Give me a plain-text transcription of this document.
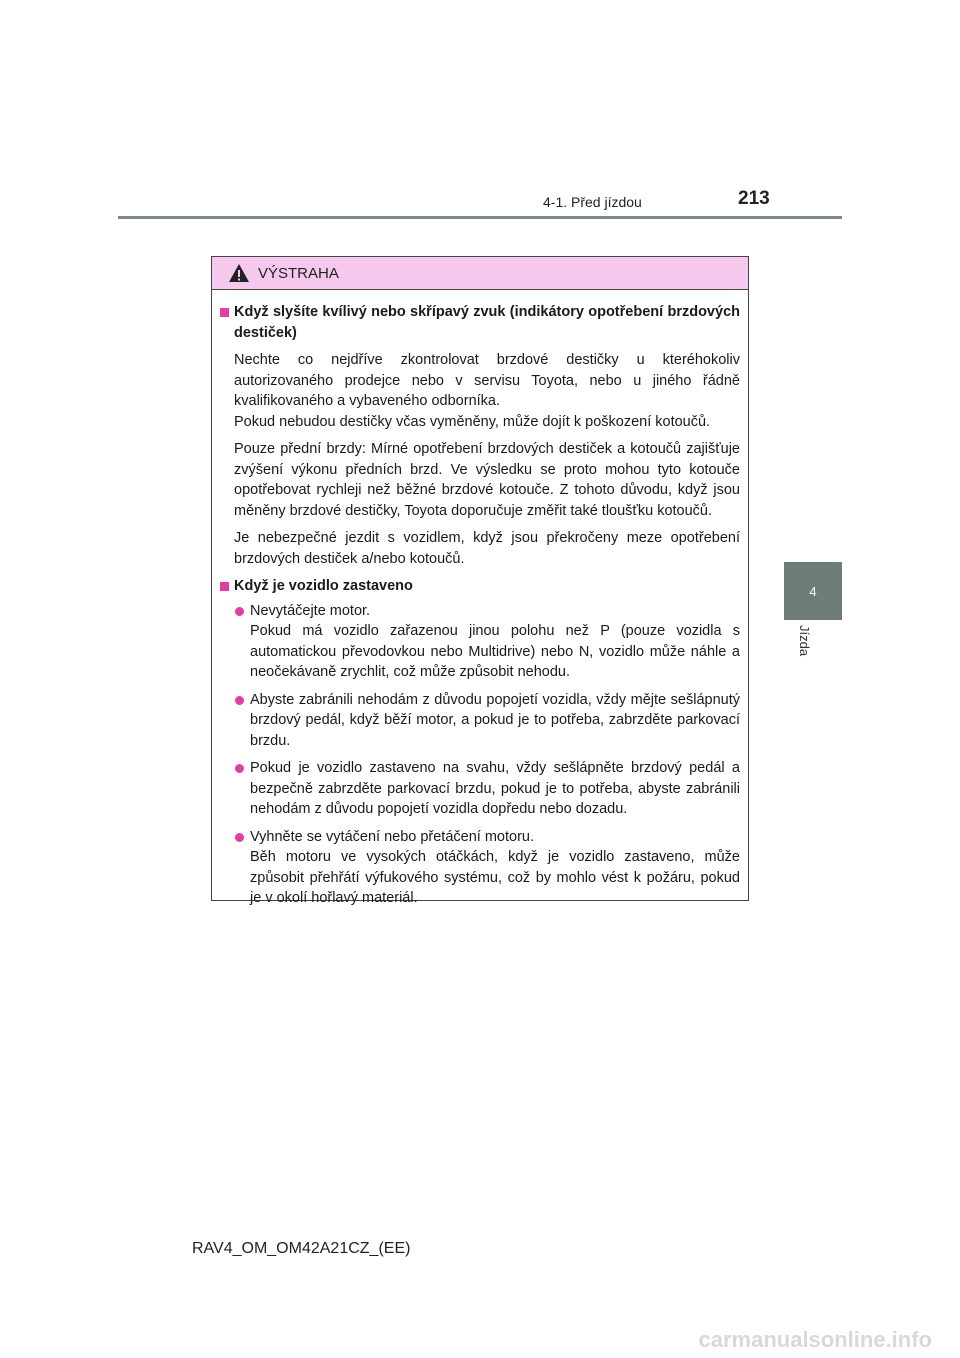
4-1. Před jízdou	213
4
Jízda
VÝSTRAHA
Když slyšíte kvílivý nebo skřípavý zvuk (indikátory opotřebení brzdových destiček)
Nechte co nejdříve zkontrolovat brzdové destičky u kteréhokoliv autorizovaného prodejce nebo v servisu Toyota, nebo u jiného řádně kvalifikovaného a vybaveného odborníka.
Pokud nebudou destičky včas vyměněny, může dojít k poškození kotoučů.
Pouze přední brzdy: Mírné opotřebení brzdových destiček a kotoučů zajišťuje zvýšení výkonu předních brzd. Ve výsledku se proto mohou tyto kotouče opotřebovat rychleji než běžné brzdové kotouče. Z tohoto důvodu, když jsou měněny brzdové destičky, Toyota doporučuje změřit také tloušťku kotoučů.
Je nebezpečné jezdit s vozidlem, když jsou překročeny meze opotřebení brzdových destiček a/nebo kotoučů.
Když je vozidlo zastaveno
Nevytáčejte motor.
Pokud má vozidlo zařazenou jinou polohu než P (pouze vozidla s automatickou převodovkou nebo Multidrive) nebo N, vozidlo může náhle a neočekávaně zrychlit, což může způsobit nehodu.
Abyste zabránili nehodám z důvodu popojetí vozidla, vždy mějte sešlápnutý brzdový pedál, když běží motor, a pokud je to potřeba, zabrzděte parkovací brzdu.
Pokud je vozidlo zastaveno na svahu, vždy sešlápněte brzdový pedál a bezpečně zabrzděte parkovací brzdu, pokud je to potřeba, abyste zabránili nehodám z důvodu popojetí vozidla dopředu nebo dozadu.
Vyhněte se vytáčení nebo přetáčení motoru.
Běh motoru ve vysokých otáčkách, když je vozidlo zastaveno, může způsobit přehřátí výfukového systému, což by mohlo vést k požáru, pokud je v okolí hořlavý materiál.
RAV4_OM_OM42A21CZ_(EE)
carmanualsonline.info
